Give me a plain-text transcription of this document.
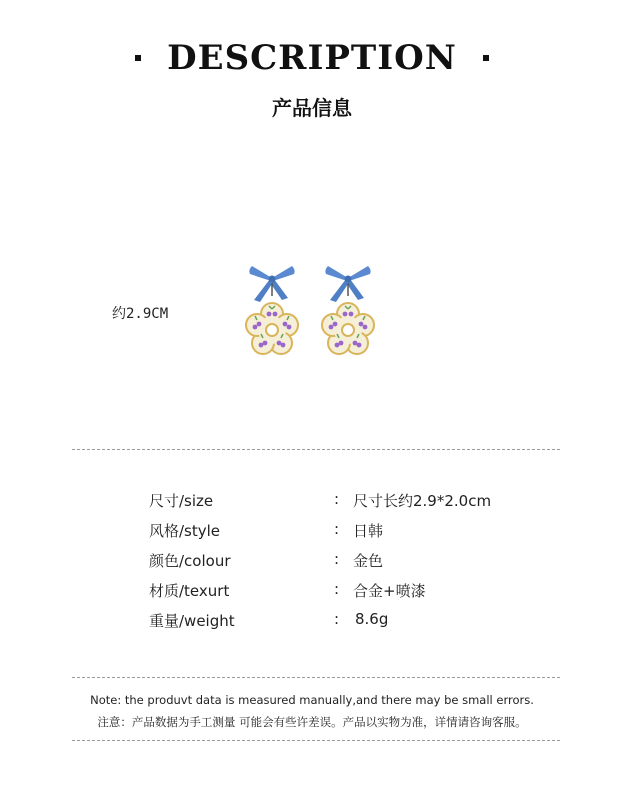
DESCRIPTION
产品信息
约2.9CM
尺寸/size	: 尺寸长约2.9*2.0cm
风格/style	: 日韩
颜色/colour	: 金色
材质/texurt	: 合金+喷漆
重量/weight	: 8.6g
Note: the produvt data is measured manually,and there may be small errors.
注意：产品数据为手工测量 可能会有些许差误。产品以实物为准，详情请咨询客服。
